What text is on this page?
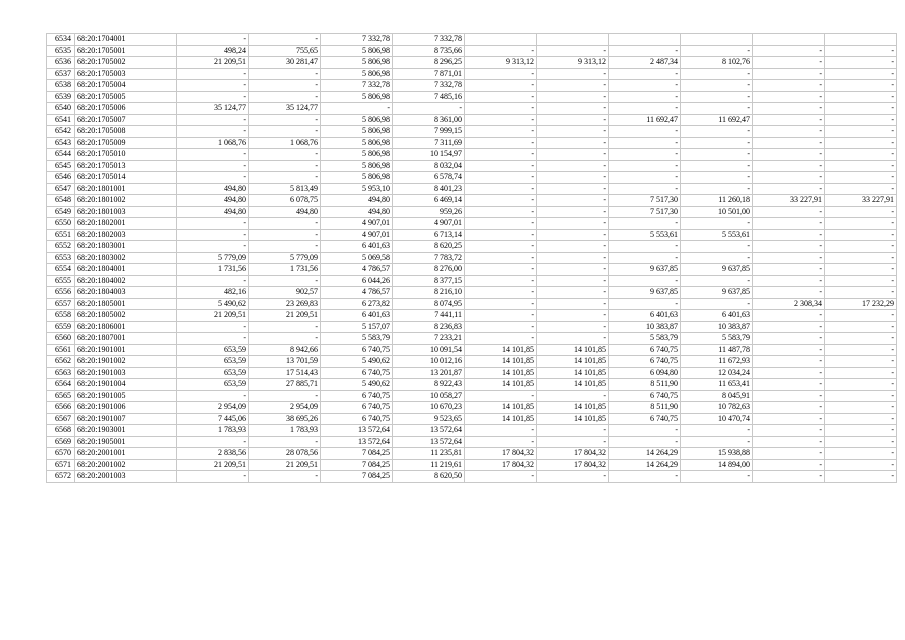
6534	68:20:1704001	-	-	7 332,78	7 332,78						
6535	68:20:1705001	498,24	755,65	5 806,98	8 735,66	-	-	-	-	-	-
6536	68:20:1705002	21 209,51	30 281,47	5 806,98	8 296,25	9 313,12	9 313,12	2 487,34	8 102,76	-	-
6537	68:20:1705003	-	-	5 806,98	7 871,01	-	-	-	-	-	-
6538	68:20:1705004	-	-	7 332,78	7 332,78	-	-	-	-	-	-
6539	68:20:1705005	-	-	5 806,98	7 485,16	-	-	-	-	-	-
6540	68:20:1705006	35 124,77	35 124,77	-	-	-	-	-	-	-	-
6541	68:20:1705007	-	-	5 806,98	8 361,00	-	-	11 692,47	11 692,47	-	-
6542	68:20:1705008	-	-	5 806,98	7 999,15	-	-	-	-	-	-
6543	68:20:1705009	1 068,76	1 068,76	5 806,98	7 311,69	-	-	-	-	-	-
6544	68:20:1705010	-	-	5 806,98	10 154,97	-	-	-	-	-	-
6545	68:20:1705013	-	-	5 806,98	8 032,04	-	-	-	-	-	-
6546	68:20:1705014	-	-	5 806,98	6 578,74	-	-	-	-	-	-
6547	68:20:1801001	494,80	5 813,49	5 953,10	8 401,23	-	-	-	-	-	-
6548	68:20:1801002	494,80	6 078,75	494,80	6 469,14	-	-	7 517,30	11 260,18	33 227,91	33 227,91
6549	68:20:1801003	494,80	494,80	494,80	959,26	-	-	7 517,30	10 501,00	-	-
6550	68:20:1802001	-	-	4 907,01	4 907,01	-	-	-	-	-	-
6551	68:20:1802003	-	-	4 907,01	6 713,14	-	-	5 553,61	5 553,61	-	-
6552	68:20:1803001	-	-	6 401,63	8 620,25	-	-	-	-	-	-
6553	68:20:1803002	5 779,09	5 779,09	5 069,58	7 783,72	-	-	-	-	-	-
6554	68:20:1804001	1 731,56	1 731,56	4 786,57	8 276,00	-	-	9 637,85	9 637,85	-	-
6555	68:20:1804002	-	-	6 044,26	8 377,15	-	-	-	-	-	-
6556	68:20:1804003	482,16	902,57	4 786,57	8 216,10	-	-	9 637,85	9 637,85	-	-
6557	68:20:1805001	5 490,62	23 269,83	6 273,82	8 074,95	-	-	-	-	2 308,34	17 232,29
6558	68:20:1805002	21 209,51	21 209,51	6 401,63	7 441,11	-	-	6 401,63	6 401,63	-	-
6559	68:20:1806001	-	-	5 157,07	8 236,83	-	-	10 383,87	10 383,87	-	-
6560	68:20:1807001	-	-	5 583,79	7 233,21	-	-	5 583,79	5 583,79	-	-
6561	68:20:1901001	653,59	8 942,66	6 740,75	10 091,54	14 101,85	14 101,85	6 740,75	11 487,78	-	-
6562	68:20:1901002	653,59	13 701,59	5 490,62	10 012,16	14 101,85	14 101,85	6 740,75	11 672,93	-	-
6563	68:20:1901003	653,59	17 514,43	6 740,75	13 201,87	14 101,85	14 101,85	6 094,80	12 034,24	-	-
6564	68:20:1901004	653,59	27 885,71	5 490,62	8 922,43	14 101,85	14 101,85	8 511,90	11 653,41	-	-
6565	68:20:1901005	-	-	6 740,75	10 058,27	-	-	6 740,75	8 045,91	-	-
6566	68:20:1901006	2 954,09	2 954,09	6 740,75	10 670,23	14 101,85	14 101,85	8 511,90	10 782,63	-	-
6567	68:20:1901007	7 445,06	38 695,26	6 740,75	9 523,65	14 101,85	14 101,85	6 740,75	10 470,74	-	-
6568	68:20:1903001	1 783,93	1 783,93	13 572,64	13 572,64	-	-	-	-	-	-
6569	68:20:1905001	-	-	13 572,64	13 572,64	-	-	-	-	-	-
6570	68:20:2001001	2 838,56	28 078,56	7 084,25	11 235,81	17 804,32	17 804,32	14 264,29	15 938,88	-	-
6571	68:20:2001002	21 209,51	21 209,51	7 084,25	11 219,61	17 804,32	17 804,32	14 264,29	14 894,00	-	-
6572	68:20:2001003	-	-	7 084,25	8 620,50	-	-	-	-	-	-
